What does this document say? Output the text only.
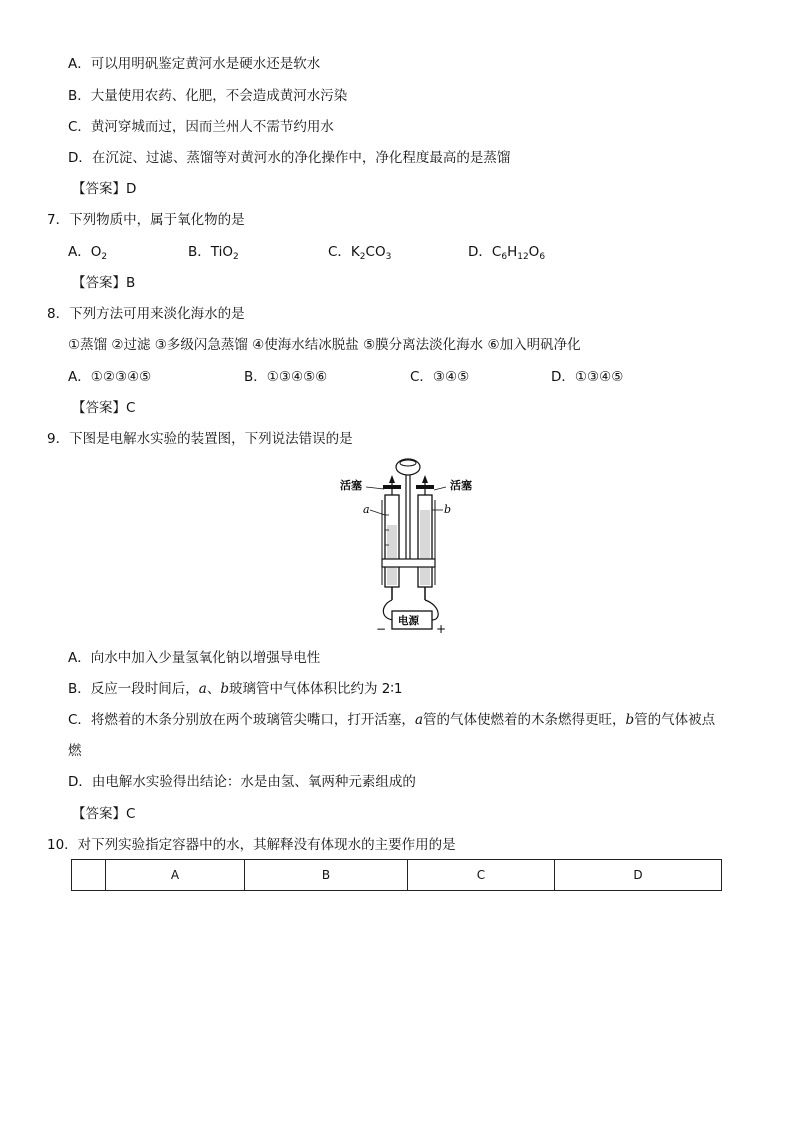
A．可以用明矾鉴定黄河水是硬水还是软水
B．大量使用农药、化肥，不会造成黄河水污染
C．黄河穿城而过，因而兰州人不需节约用水
D．在沉淀、过滤、蒸馏等对黄河水的净化操作中，净化程度最高的是蒸馏
【答案】D
7．下列物质中，属于氧化物的是
A．$O_2$	B．TiO$_2$	C．$K_2CO_3$	D．$C_6H_{12}O_6$
【答案】B
8．下列方法可用来淡化海水的是
①蒸馏 ②过滤 ③多级闪急蒸馏 ④使海水结冰脱盐 ⑤膜分离法淡化海水 ⑥加入明矾净化
A．①②③④⑤	B．①③④⑤⑥	C．③④⑤	D．①③④⑤
【答案】C
9．下图是电解水实验的装置图，下列说法错误的是
活塞	活塞
a	b
电源
−	+
A．向水中加入少量氢氧化钠以增强导电性
B．反应一段时间后，a、b玻璃管中气体体积比约为 2∶1
C．将燃着的木条分别放在两个玻璃管尖嘴口，打开活塞，a管的气体使燃着的木条燃得更旺，b管的气体被点
燃
D．由电解水实验得出结论：水是由氢、氧两种元素组成的
【答案】C
10．对下列实验指定容器中的水，其解释没有体现水的主要作用的是
	A	B	C	D
